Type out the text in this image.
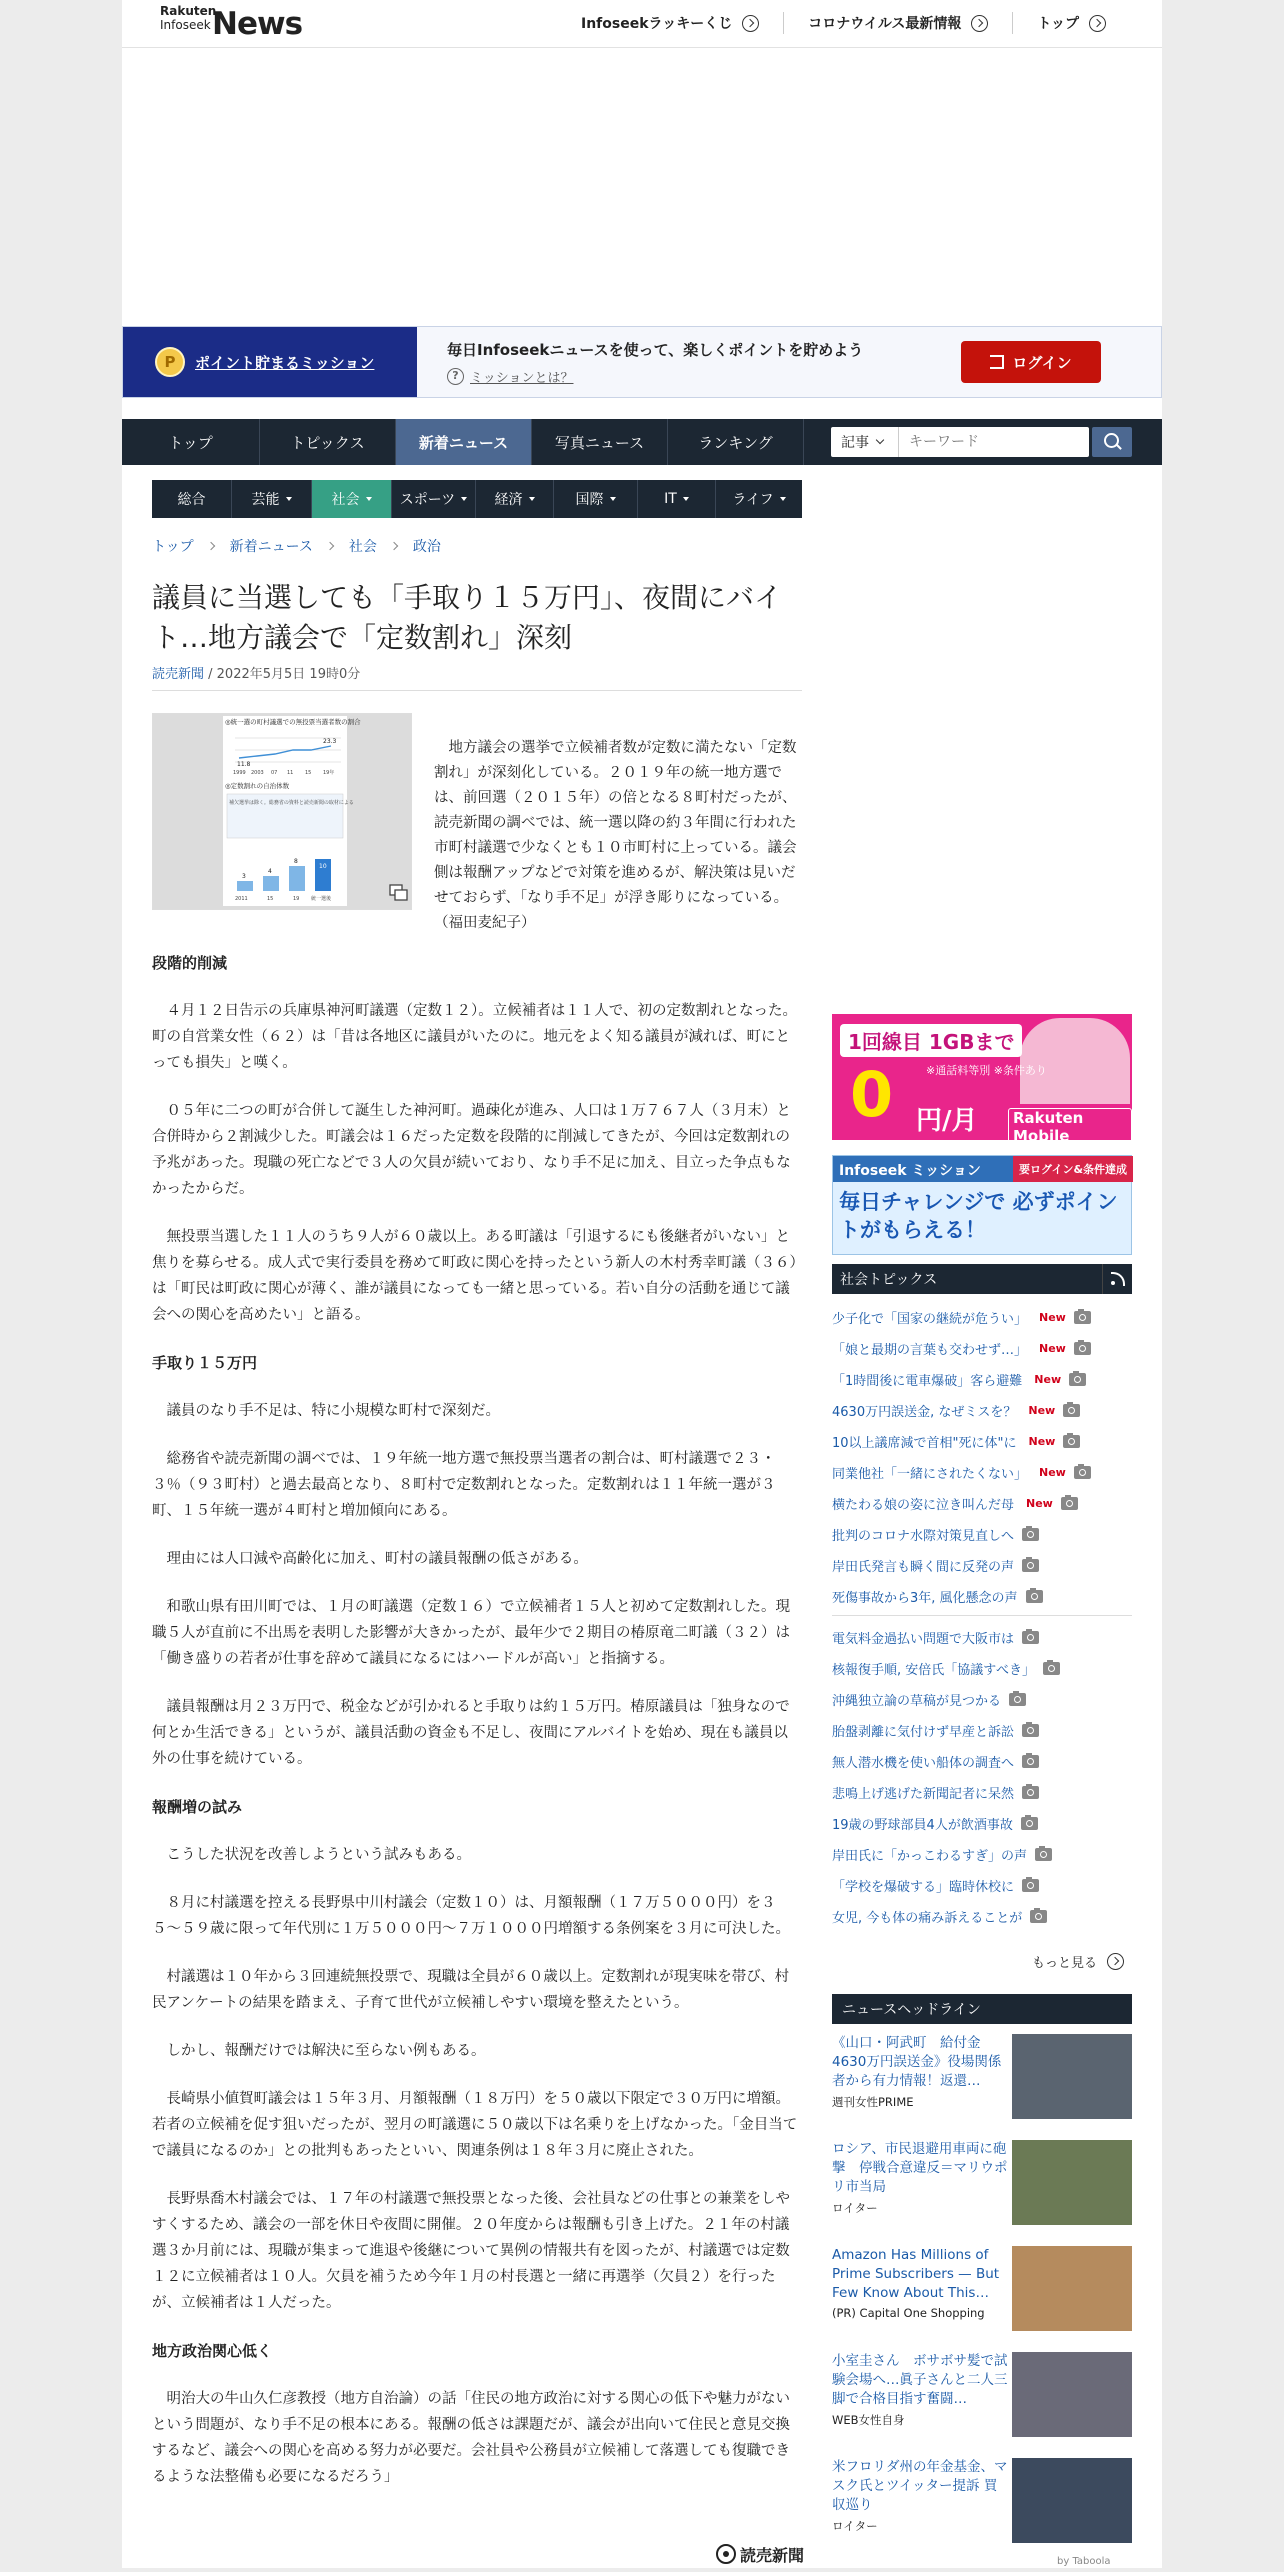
Rakuten
Infoseek News	Infoseekラッキーくじ	コロナウイルス最新情報	トップ
P	ポイント貯まるミッション
毎日Infoseekニュースを使って、楽しくポイントを貯めよう
? ミッションとは？
ログイン
トップ	トピックス	新着ニュース	写真ニュース	ランキング	記事
キーワード
総合	芸能	社会	スポーツ	経済	国際	IT	ライフ
トップ	新着ニュース	社会	政治
議員に当選しても「手取り１５万円」、夜間にバイト…地方議会で「定数割れ」深刻
読売新聞 / 2022年5月5日 19時0分
◎統一選の町村議選での無投票当選者数の割合
11.8
23.3
1999 2003 07 11 15 19年
◎定数割れの自治体数
補欠選挙は除く。総務省の資料と読売新聞の取材による
3
4
8
10
2011	15	19 統一選後

地方議会の選挙で立候補者数が定数に満たない「定数割れ」が深刻化している。２０１９年の統一地方選では、前回選（２０１５年）の倍となる８町村だったが、読売新聞の調べでは、統一選以降の約３年間に行われた市町村議選で少なくとも１０市町村に上っている。議会側は報酬アップなどで対策を進めるが、解決策は見いだせておらず、「なり手不足」が浮き彫りになっている。（福田麦紀子）

段階的削減

４月１２日告示の兵庫県神河町議選（定数１２）。立候補者は１１人で、初の定数割れとなった。町の自営業女性（６２）は「昔は各地区に議員がいたのに。地元をよく知る議員が減れば、町にとっても損失」と嘆く。

０５年に二つの町が合併して誕生した神河町。過疎化が進み、人口は１万７６７人（３月末）と合併時から２割減少した。町議会は１６だった定数を段階的に削減してきたが、今回は定数割れの予兆があった。現職の死亡などで３人の欠員が続いており、なり手不足に加え、目立った争点もなかったからだ。

無投票当選した１１人のうち９人が６０歳以上。ある町議は「引退するにも後継者がいない」と焦りを募らせる。成人式で実行委員を務めて町政に関心を持ったという新人の木村秀幸町議（３６）は「町民は町政に関心が薄く、誰が議員になっても一緒と思っている。若い自分の活動を通じて議会への関心を高めたい」と語る。

手取り１５万円

議員のなり手不足は、特に小規模な町村で深刻だ。

総務省や読売新聞の調べでは、１９年統一地方選で無投票当選者の割合は、町村議選で２３・３％（９３町村）と過去最高となり、８町村で定数割れとなった。定数割れは１１年統一選が３町、１５年統一選が４町村と増加傾向にある。

理由には人口減や高齢化に加え、町村の議員報酬の低さがある。

和歌山県有田川町では、１月の町議選（定数１６）で立候補者１５人と初めて定数割れした。現職５人が直前に不出馬を表明した影響が大きかったが、最年少で２期目の椿原竜二町議（３２）は「働き盛りの若者が仕事を辞めて議員になるにはハードルが高い」と指摘する。

議員報酬は月２３万円で、税金などが引かれると手取りは約１５万円。椿原議員は「独身なので何とか生活できる」というが、議員活動の資金も不足し、夜間にアルバイトを始め、現在も議員以外の仕事を続けている。

報酬増の試み

こうした状況を改善しようという試みもある。

８月に村議選を控える長野県中川村議会（定数１０）は、月額報酬（１７万５０００円）を３５〜５９歳に限って年代別に１万５０００円〜７万１０００円増額する条例案を３月に可決した。

村議選は１０年から３回連続無投票で、現職は全員が６０歳以上。定数割れが現実味を帯び、村民アンケートの結果を踏まえ、子育て世代が立候補しやすい環境を整えたという。

しかし、報酬だけでは解決に至らない例もある。

長崎県小値賀町議会は１５年３月、月額報酬（１８万円）を５０歳以下限定で３０万円に増額。若者の立候補を促す狙いだったが、翌月の町議選に５０歳以下は名乗りを上げなかった。「金目当てで議員になるのか」との批判もあったといい、関連条例は１８年３月に廃止された。

長野県喬木村議会では、１７年の村議選で無投票となった後、会社員などの仕事との兼業をしやすくするため、議会の一部を休日や夜間に開催。２０年度からは報酬も引き上げた。２１年の村議選３か月前には、現職が集まって進退や後継について異例の情報共有を図ったが、村議選では定数１２に立候補者は１０人。欠員を補うため今年１月の村長選と一緒に再選挙（欠員２）を行ったが、立候補者は１人だった。

地方政治関心低く

明治大の牛山久仁彦教授（地方自治論）の話「住民の地方政治に対する関心の低下や魅力がないという問題が、なり手不足の根本にある。報酬の低さは課題だが、議会が出向いて住民と意見交換するなど、議会への関心を高める努力が必要だ。会社員や公務員が立候補して落選しても復職できるような法整備も必要になるだろう」

読売新聞
1回線目 1GBまで
0	※通話料等別 ※条件あり
円/月	Rakuten Mobile
Infoseek ミッション	要ログイン&条件達成
毎日チャレンジで 必ずポイントがもらえる！
社会トピックス
少子化で「国家の継続が危うい」 New
「娘と最期の言葉も交わせず…」 New
「1時間後に電車爆破」客ら避難 New
4630万円誤送金, なぜミスを？ New
10以上議席減で首相"死に体"に New
同業他社「一緒にされたくない」 New
横たわる娘の姿に泣き叫んだ母 New
批判のコロナ水際対策見直しへ
岸田氏発言も瞬く間に反発の声
死傷事故から3年, 風化懸念の声
電気料金過払い問題で大阪市は
核報復手順, 安倍氏「協議すべき」
沖縄独立論の草稿が見つかる
胎盤剥離に気付けず早産と訴訟
無人潜水機を使い船体の調査へ
悲鳴上げ逃げた新聞記者に呆然
19歳の野球部員4人が飲酒事故
岸田氏に「かっこわるすぎ」の声
「学校を爆破する」臨時休校に
女児, 今も体の痛み訴えることが
もっと見る
ニュースヘッドライン
《山口・阿武町　給付金4630万円誤送金》役場関係者から有力情報！返還…
週刊女性PRIME
ロシア、市民退避用車両に砲撃　停戦合意違反＝マリウポリ市当局
ロイター
Amazon Has Millions of Prime Subscribers — But Few Know About This…
(PR) Capital One Shopping
小室圭さん　ボサボサ髪で試験会場へ…眞子さんと二人三脚で合格目指す奮闘…
WEB女性自身
米フロリダ州の年金基金、マスク氏とツイッター提訴 買収巡り
ロイター
by Taboola
